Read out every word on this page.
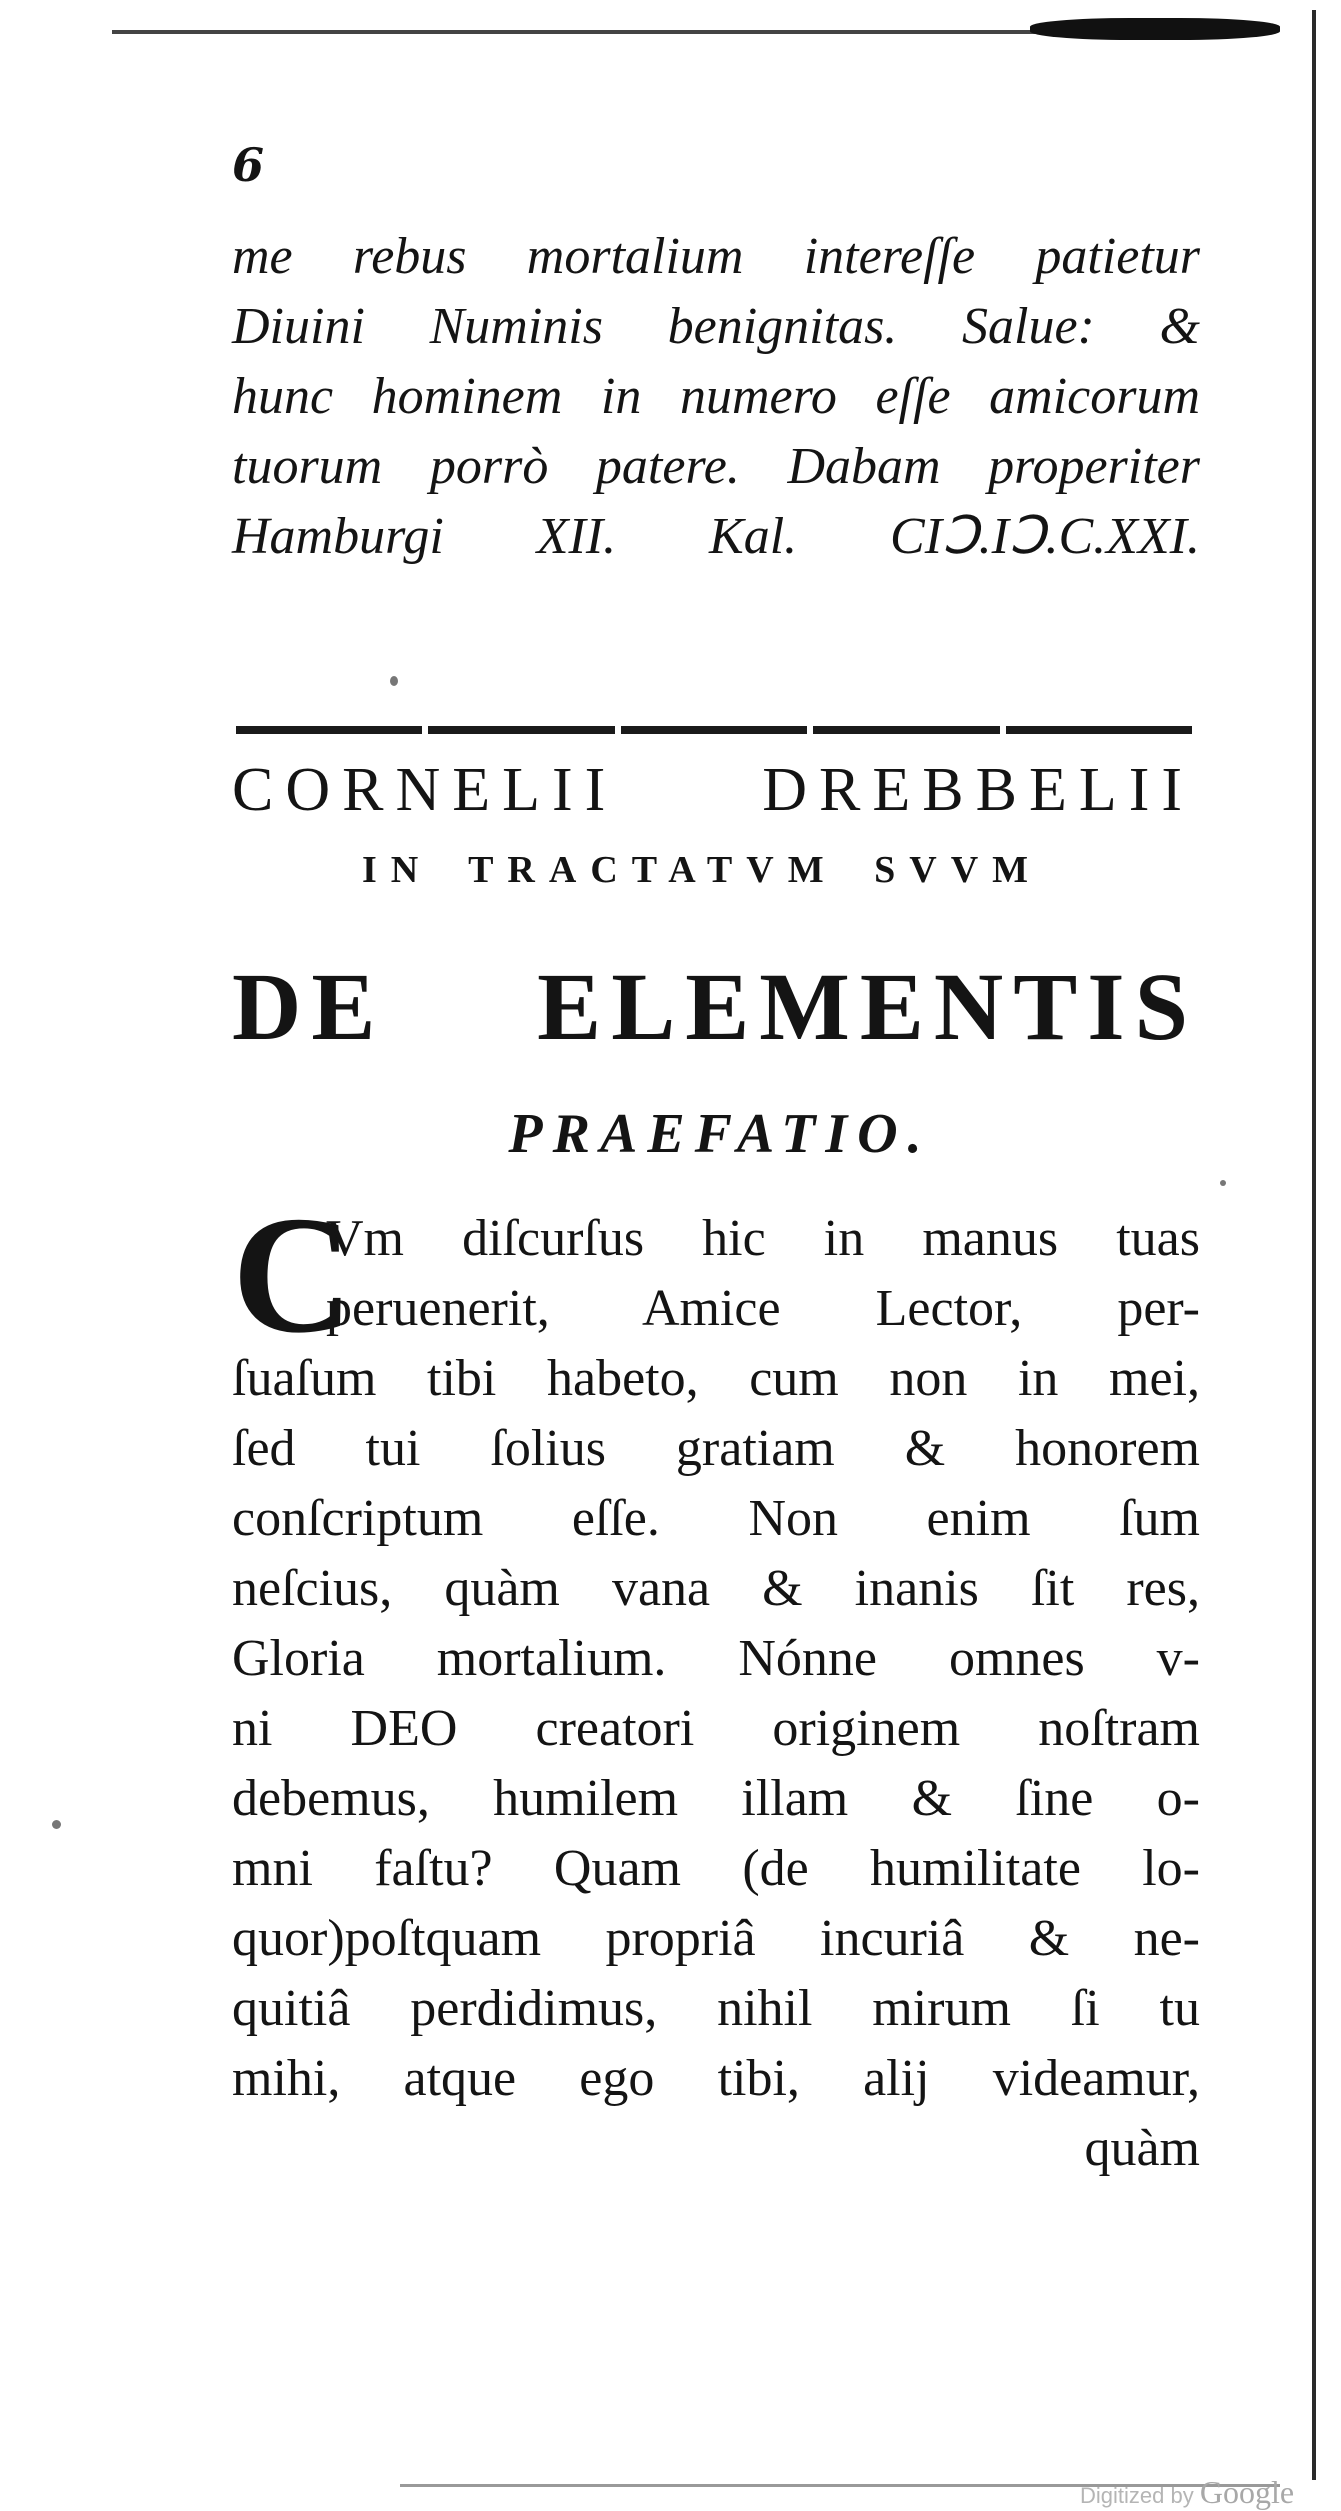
6
me rebus mortalium intereſſe patietur
Diuini Numinis benignitas. Salue: &
hunc hominem in numero eſſe amicorum
tuorum porrò patere. Dabam properiter
Hamburgi XII. Kal. CIↃ.IↃ.C.XXI.
CORNELII DREBBELII
IN TRACTATVM SVVM
DE ELEMENTIS
PRAEFATIO.
C
Vm diſcurſus hic in manus tuas
peruenerit, Amice Lector, per-
ſuaſum tibi habeto, cum non in mei,
ſed tui ſolius gratiam & honorem
conſcriptum eſſe. Non enim ſum
neſcius, quàm vana & inanis ſit res,
Gloria mortalium. Nónne omnes v-
ni DEO creatori originem noſtram
debemus, humilem illam & ſine o-
mni faſtu? Quam (de humilitate lo-
quor)poſtquam propriâ incuriâ & ne-
quitiâ perdidimus, nihil mirum ſi tu
mihi, atque ego tibi, alij videamur,
quàm
Digitized by Google
